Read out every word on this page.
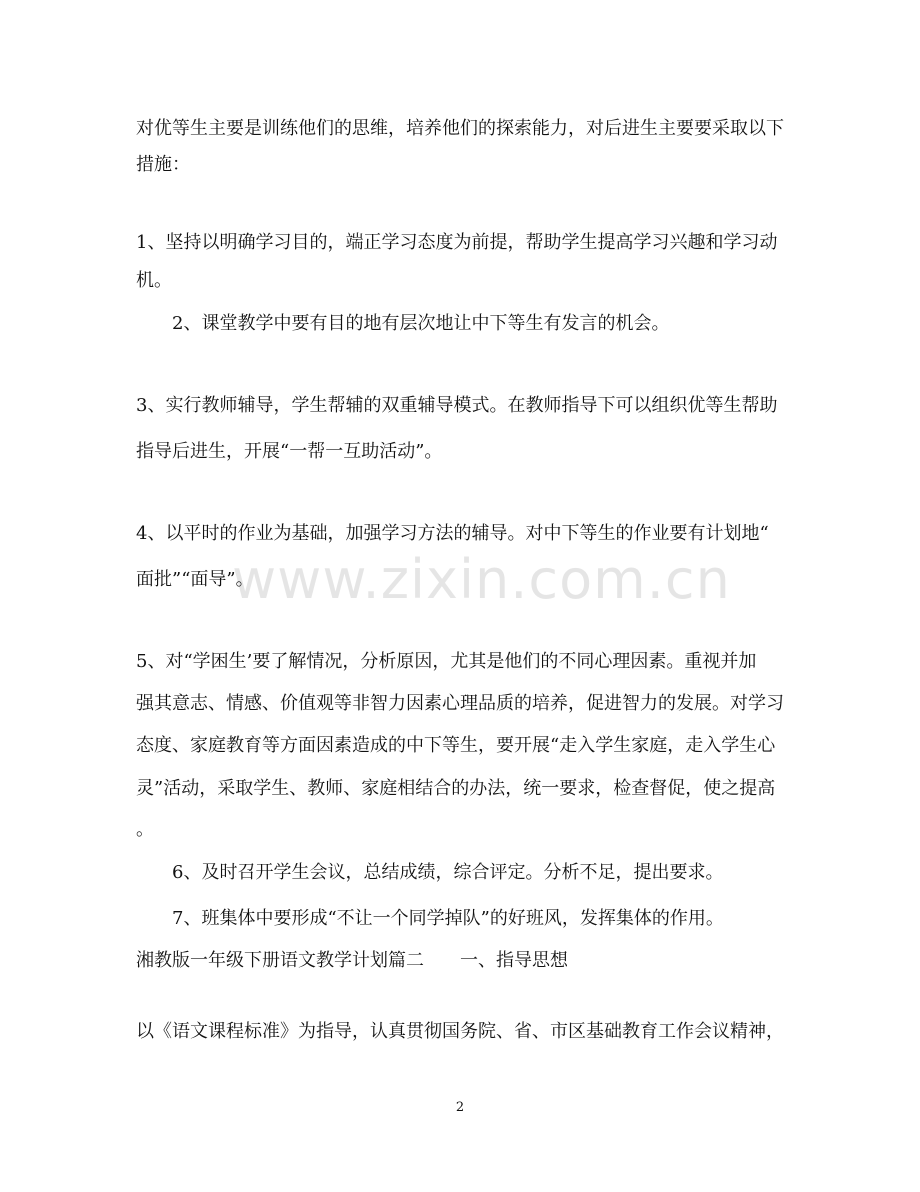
对优等生主要是训练他们的思维，培养他们的探索能力，对后进生主要要采取以下
措施：
1、坚持以明确学习目的，端正学习态度为前提，帮助学生提高学习兴趣和学习动
机。
2、课堂教学中要有目的地有层次地让中下等生有发言的机会。
3、实行教师辅导，学生帮辅的双重辅导模式。在教师指导下可以组织优等生帮助
指导后进生，开展“一帮一互助活动”。
4、以平时的作业为基础，加强学习方法的辅导。对中下等生的作业要有计划地“
面批”“面导”。
5、对“学困生’要了解情况，分析原因，尤其是他们的不同心理因素。重视并加
强其意志、情感、价值观等非智力因素心理品质的培养，促进智力的发展。对学习
态度、家庭教育等方面因素造成的中下等生，要开展“走入学生家庭，走入学生心
灵”活动，采取学生、教师、家庭相结合的办法，统一要求，检查督促，使之提高
。
6、及时召开学生会议，总结成绩，综合评定。分析不足，提出要求。
7、班集体中要形成“不让一个同学掉队”的好班风，发挥集体的作用。
湘教版一年级下册语文教学计划篇二　　一、指导思想
以《语文课程标准》为指导，认真贯彻国务院、省、市区基础教育工作会议精神，
www.zixin.com.cn
2
